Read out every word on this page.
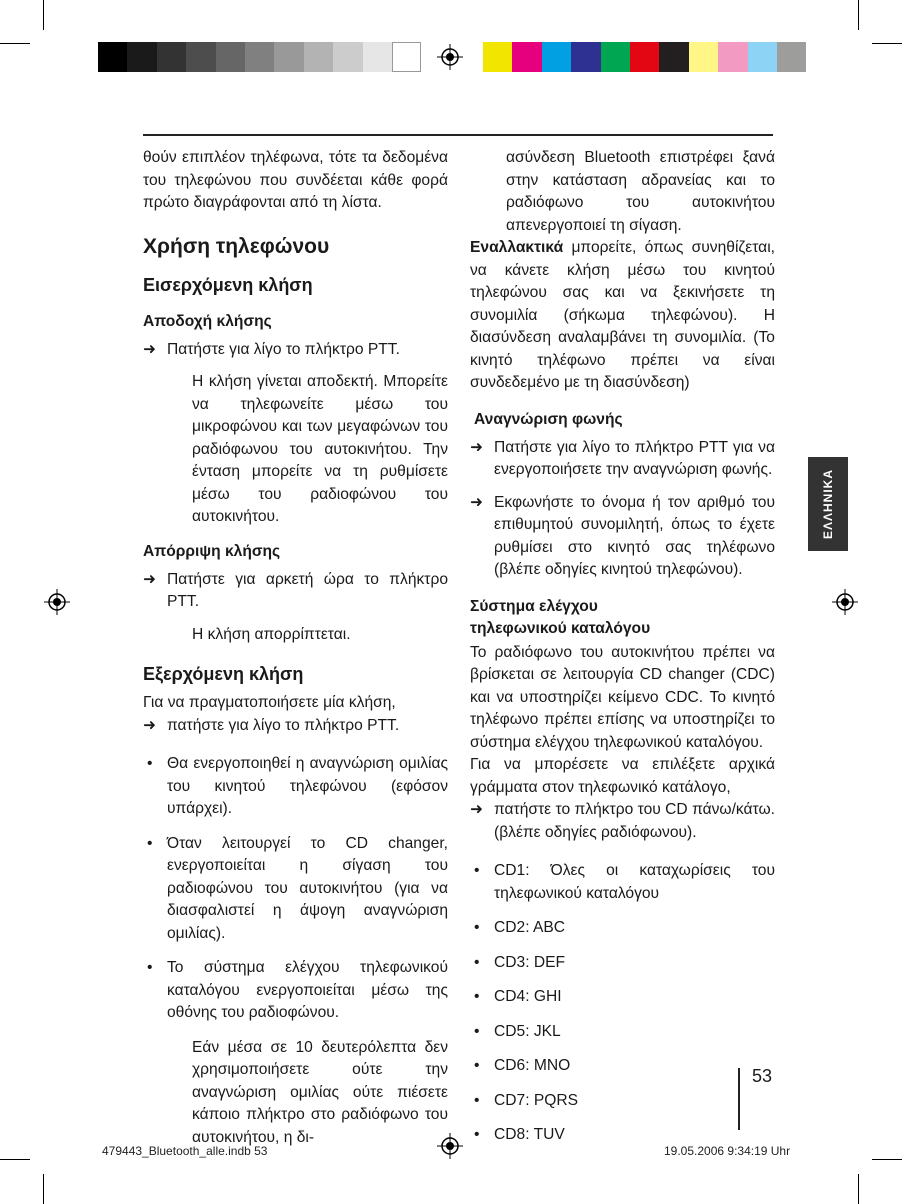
θούν επιπλέον τηλέφωνα, τότε τα δεδομένα του τηλεφώνου που συνδέεται κάθε φορά πρώτο διαγράφονται από τη λίστα.

Χρήση τηλεφώνου
Εισερχόμενη κλήση
Αποδοχή κλήσης
➜ Πατήστε για λίγο το πλήκτρο PTT.

Η κλήση γίνεται αποδεκτή. Μπορείτε να τηλεφωνείτε μέσω του μικροφώνου και των μεγαφώνων του ραδιόφωνου του αυτοκινήτου. Την ένταση μπορείτε να τη ρυθμίσετε μέσω του ραδιοφώνου του αυτοκινήτου.

Απόρριψη κλήσης
➜ Πατήστε για αρκετή ώρα το πλήκτρο PTT.

Η κλήση απορρίπτεται.

Εξερχόμενη κλήση

Για να πραγματοποιήσετε μία κλήση,

➜ πατήστε για λίγο το πλήκτρο PTT.
• Θα ενεργοποιηθεί η αναγνώριση ομιλίας του κινητού τηλεφώνου (εφόσον υπάρχει).
• Όταν λειτουργεί το CD changer, ενεργοποιείται η σίγαση του ραδιοφώνου του αυτοκινήτου (για να διασφαλιστεί η άψογη αναγνώριση ομιλίας).
• Το σύστημα ελέγχου τηλεφωνικού καταλόγου ενεργοποιείται μέσω της οθόνης του ραδιοφώνου.

Εάν μέσα σε 10 δευτερόλεπτα δεν χρησιμοποιήσετε ούτε την αναγνώριση ομιλίας ούτε πιέσετε κάποιο πλήκτρο στο ραδιόφωνο του αυτοκινήτου, η δι-

ασύνδεση Bluetooth επιστρέφει ξανά στην κατάσταση αδρανείας και το ραδιόφωνο του αυτοκινήτου απενεργοποιεί τη σίγαση.

Εναλλακτικά μπορείτε, όπως συνηθίζεται, να κάνετε κλήση μέσω του κινητού τηλεφώνου σας και να ξεκινήσετε τη συνομιλία (σήκωμα τηλεφώνου). Η διασύνδεση αναλαμβάνει τη συνομιλία. (Το κινητό τηλέφωνο πρέπει να είναι συνδεδεμένο με τη διασύνδεση)

Αναγνώριση φωνής
➜ Πατήστε για λίγο το πλήκτρο PTT για να ενεργοποιήσετε την αναγνώριση φωνής.
➜ Εκφωνήστε το όνομα ή τον αριθμό του επιθυμητού συνομιλητή, όπως το έχετε ρυθμίσει στο κινητό σας τηλέφωνο (βλέπε οδηγίες κινητού τηλεφώνου).
Σύστημα ελέγχου
τηλεφωνικού καταλόγου

Το ραδιόφωνο του αυτοκινήτου πρέπει να βρίσκεται σε λειτουργία CD changer (CDC) και να υποστηρίζει κείμενο CDC. Το κινητό τηλέφωνο πρέπει επίσης να υποστηρίζει το σύστημα ελέγχου τηλεφωνικού καταλόγου.

Για να μπορέσετε να επιλέξετε αρχικά γράμματα στον τηλεφωνικό κατάλογο,

➜ πατήστε το πλήκτρο του CD πάνω/κάτω. (βλέπε οδηγίες ραδιόφωνου).
• CD1: Όλες οι καταχωρίσεις του τηλεφωνικού καταλόγου
• CD2: ABC
• CD3: DEF
• CD4: GHI
• CD5: JKL
• CD6: MNO
• CD7: PQRS
• CD8: TUV
ΕΛΛΗΝΙΚΑ
53
479443_Bluetooth_alle.indb 53	19.05.2006 9:34:19 Uhr
